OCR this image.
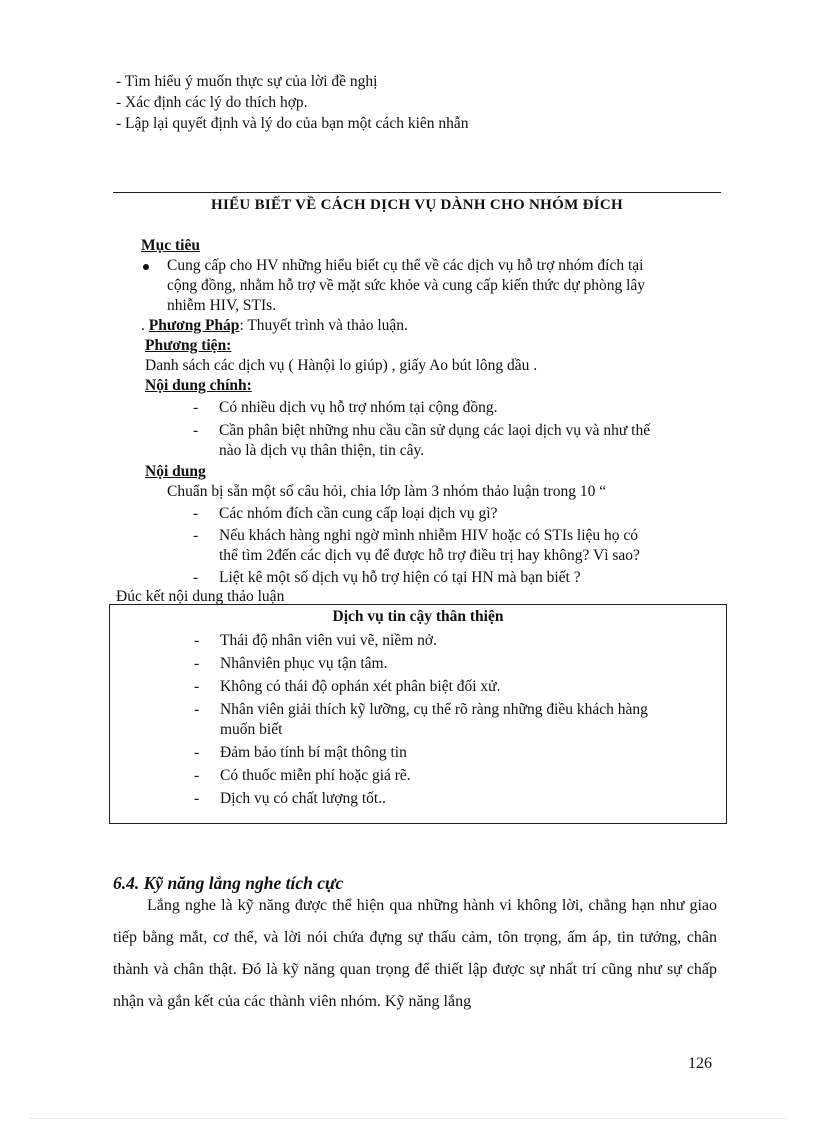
- Tìm hiểu ý muốn thực sự của lời đề nghị
- Xác định các lý do thích hợp.
- Lập lại quyết định và lý do của bạn một cách kiên nhẫn
HIỂU BIẾT VỀ CÁCH DỊCH VỤ DÀNH CHO NHÓM ĐÍCH
Mục tiêu
Cung cấp cho HV những hiểu biết cụ thể về các dịch vụ hỗ trợ nhóm đích tại
cộng đồng, nhằm hỗ trợ về mặt sức khỏe và cung cấp kiến thức dự phòng lây
nhiễm HIV, STIs.
. Phương Pháp: Thuyết trình và thảo luận.
Phương tiện:
Danh sách các dịch vụ ( Hànội lo giúp) , giấy Ao bút lông dầu .
Nội dung chính:
- Có nhiều dịch vụ hỗ trợ nhóm tại cộng đồng.
- Cần phân biệt những nhu cầu cần sử dụng các laọi dịch vụ và như thế
nào là dịch vụ thân thiện, tin cây.
Nội dung
Chuẩn bị sẵn một số câu hỏi, chia lớp làm 3 nhóm thảo luận trong 10 “
- Các nhóm đích cần cung cấp loại dịch vụ gì?
- Nếu khách hàng nghi ngờ mình nhiễm HIV hoặc có STIs liệu họ có
thể tìm 2đến các dịch vụ để được hỗ trợ điều trị hay không? Vì sao?
- Liệt kê một số dịch vụ hỗ trợ hiện có tại HN mà bạn biết ?
Đúc kết nội dung thảo luận
Dịch vụ tin cậy thân thiện
- Thái độ nhân viên vui vẽ, niềm nở.
- Nhânviên phục vụ tận tâm.
- Không có thái độ ophán xét phân biệt đối xử.
- Nhân viên giải thích kỹ lưỡng, cụ thể rõ ràng những điều khách hàng
muốn biết
- Đảm bảo tính bí mật thông tin
- Có thuốc miễn phí hoặc giá rẽ.
- Dịch vụ có chất lượng tốt..
6.4. Kỹ năng lắng nghe tích cực

Lắng nghe là kỹ năng được thể hiện qua những hành vi không lời, chẳng hạn như giao tiếp bằng mắt, cơ thể, và lời nói chứa đựng sự thấu cảm, tôn trọng, ấm áp, tin tưởng, chân thành và chân thật. Đó là kỹ năng quan trọng để thiết lập được sự nhất trí cũng như sự chấp nhận và gắn kết của các thành viên nhóm. Kỹ năng lắng

126
